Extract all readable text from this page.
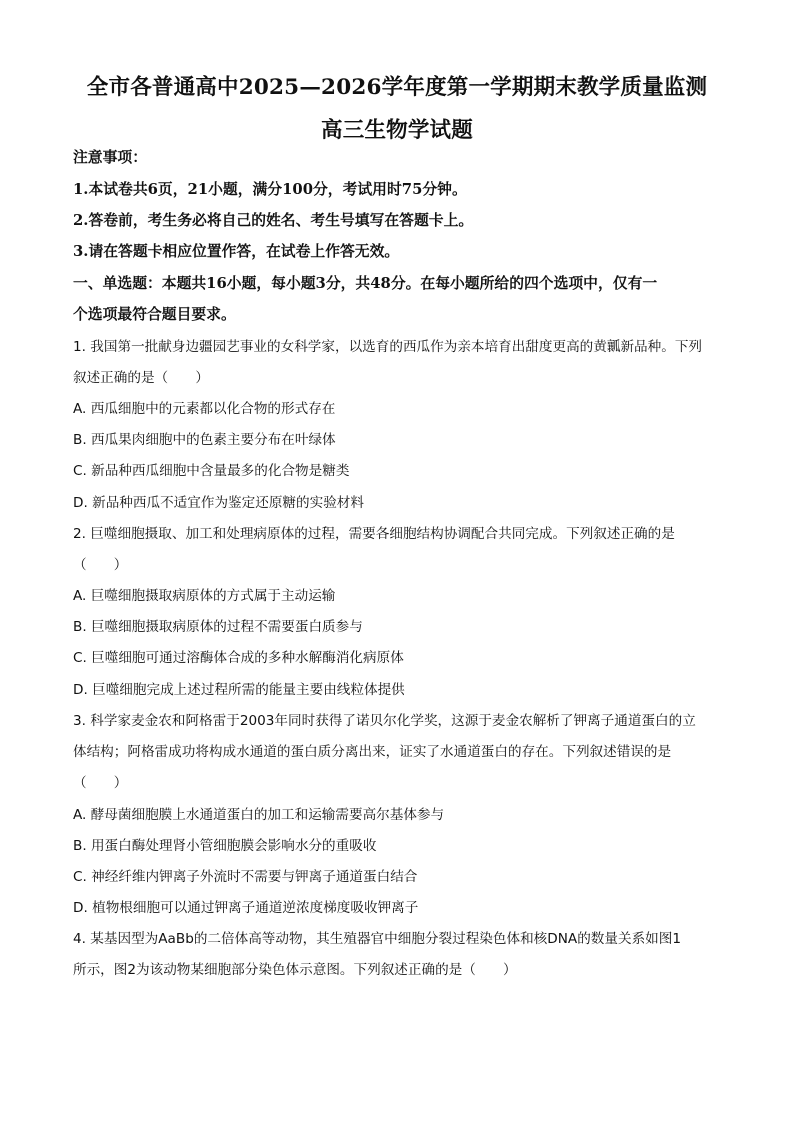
全市各普通高中2025—2026学年度第一学期期末教学质量监测
高三生物学试题
注意事项：
1.本试卷共6页，21小题，满分100分，考试用时75分钟。
2.答卷前，考生务必将自己的姓名、考生号填写在答题卡上。
3.请在答题卡相应位置作答，在试卷上作答无效。
一、单选题：本题共16小题，每小题3分，共48分。在每小题所给的四个选项中，仅有一
个选项最符合题目要求。
1. 我国第一批献身边疆园艺事业的女科学家，以选育的西瓜作为亲本培育出甜度更高的黄瓤新品种。下列
叙述正确的是（　　）
A. 西瓜细胞中的元素都以化合物的形式存在
B. 西瓜果肉细胞中的色素主要分布在叶绿体
C. 新品种西瓜细胞中含量最多的化合物是糖类
D. 新品种西瓜不适宜作为鉴定还原糖的实验材料
2. 巨噬细胞摄取、加工和处理病原体的过程，需要各细胞结构协调配合共同完成。下列叙述正确的是
（　　）
A. 巨噬细胞摄取病原体的方式属于主动运输
B. 巨噬细胞摄取病原体的过程不需要蛋白质参与
C. 巨噬细胞可通过溶酶体合成的多种水解酶消化病原体
D. 巨噬细胞完成上述过程所需的能量主要由线粒体提供
3. 科学家麦金农和阿格雷于2003年同时获得了诺贝尔化学奖，这源于麦金农解析了钾离子通道蛋白的立
体结构；阿格雷成功将构成水通道的蛋白质分离出来，证实了水通道蛋白的存在。下列叙述错误的是
（　　）
A. 酵母菌细胞膜上水通道蛋白的加工和运输需要高尔基体参与
B. 用蛋白酶处理肾小管细胞膜会影响水分的重吸收
C. 神经纤维内钾离子外流时不需要与钾离子通道蛋白结合
D. 植物根细胞可以通过钾离子通道逆浓度梯度吸收钾离子
4. 某基因型为AaBb的二倍体高等动物，其生殖器官中细胞分裂过程染色体和核DNA的数量关系如图1
所示，图2为该动物某细胞部分染色体示意图。下列叙述正确的是（　　）
